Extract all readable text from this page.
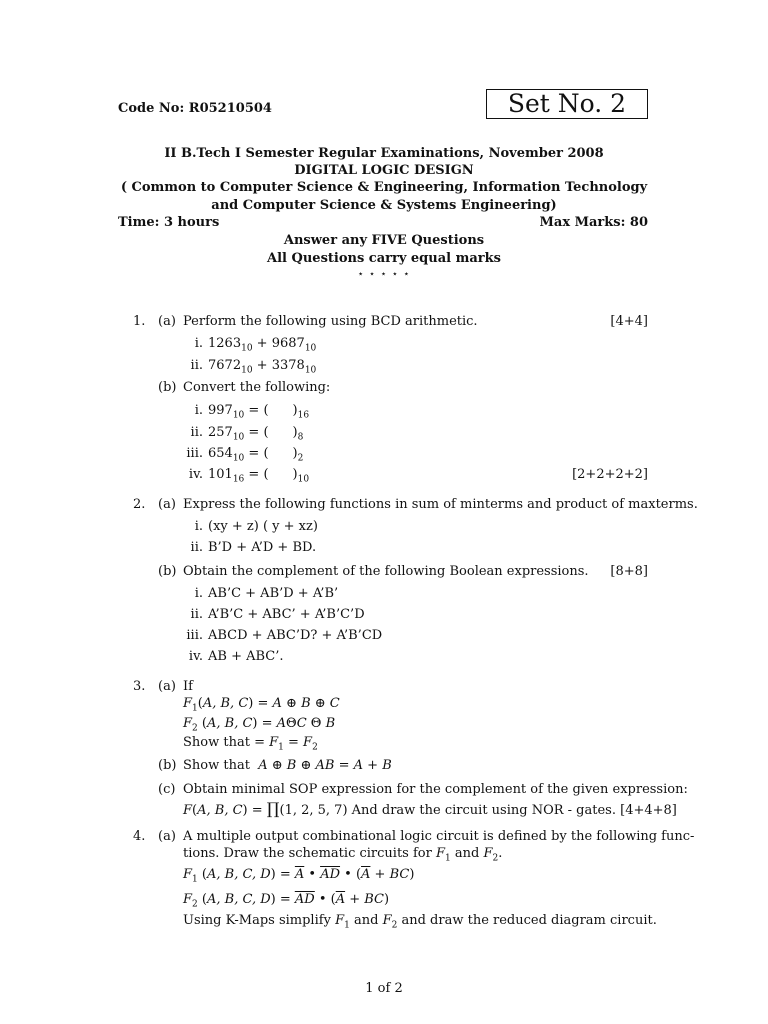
Code No: R05210504	Set No. 2
II B.Tech I Semester Regular Examinations, November 2008
DIGITAL LOGIC DESIGN
( Common to Computer Science & Engineering, Information Technology
and Computer Science & Systems Engineering)
Time: 3 hours	Max Marks: 80
Answer any FIVE Questions
All Questions carry equal marks
⋆ ⋆ ⋆ ⋆ ⋆
1. (a) Perform the following using BCD arithmetic.	[4+4]
i. $1263_{10} + 9687_{10}$
ii. $7672_{10} + 3378_{10}$
(b) Convert the following:
i. $997_{10}$ = ( )$_{16}$
ii. $257_{10}$ = ( )$_8$
iii. $654_{10}$ = ( )$_2$
iv. $101_{16}$ = ( )$_{10}$	[2+2+2+2]
2. (a) Express the following functions in sum of minterms and product of maxterms.
i. (xy + z) ( y + xz)
ii. B’D + A’D + BD.
(b) Obtain the complement of the following Boolean expressions. [8+8]
i. AB’C + AB’D + A’B’
ii. A’B’C + ABC’ + A’B’C’D
iii. ABCD + ABC’D? + A’B’CD
iv. AB + ABC’.
3. (a) If
$F_1(A$, B, C) = A ⊕ B ⊕ C
$F_2$ (A, B, C) = AΘC Θ B
Show that = $F_1 = F_2$
(b) Show that A ⊕ B ⊕ AB = A + B
(c) Obtain minimal SOP expression for the complement of the given expression:
F(A, B, C) = ∏(1, 2, 5, 7) And draw the circuit using NOR - gates. [4+4+8]
4. (a) A multiple output combinational logic circuit is defined by the following func-
tions. Draw the schematic circuits for $F_1$ and $F_2$.
$F_1$ (A, B, C, $D) = \overline{A}$ • AD • $(\overline{A} + BC)$
$F_2$ (A, B, C, D) = AD • $(\overline{A} + BC)$
Using K-Maps simplify $F_1$ and $F_2$ and draw the reduced diagram circuit.
1 of 2
